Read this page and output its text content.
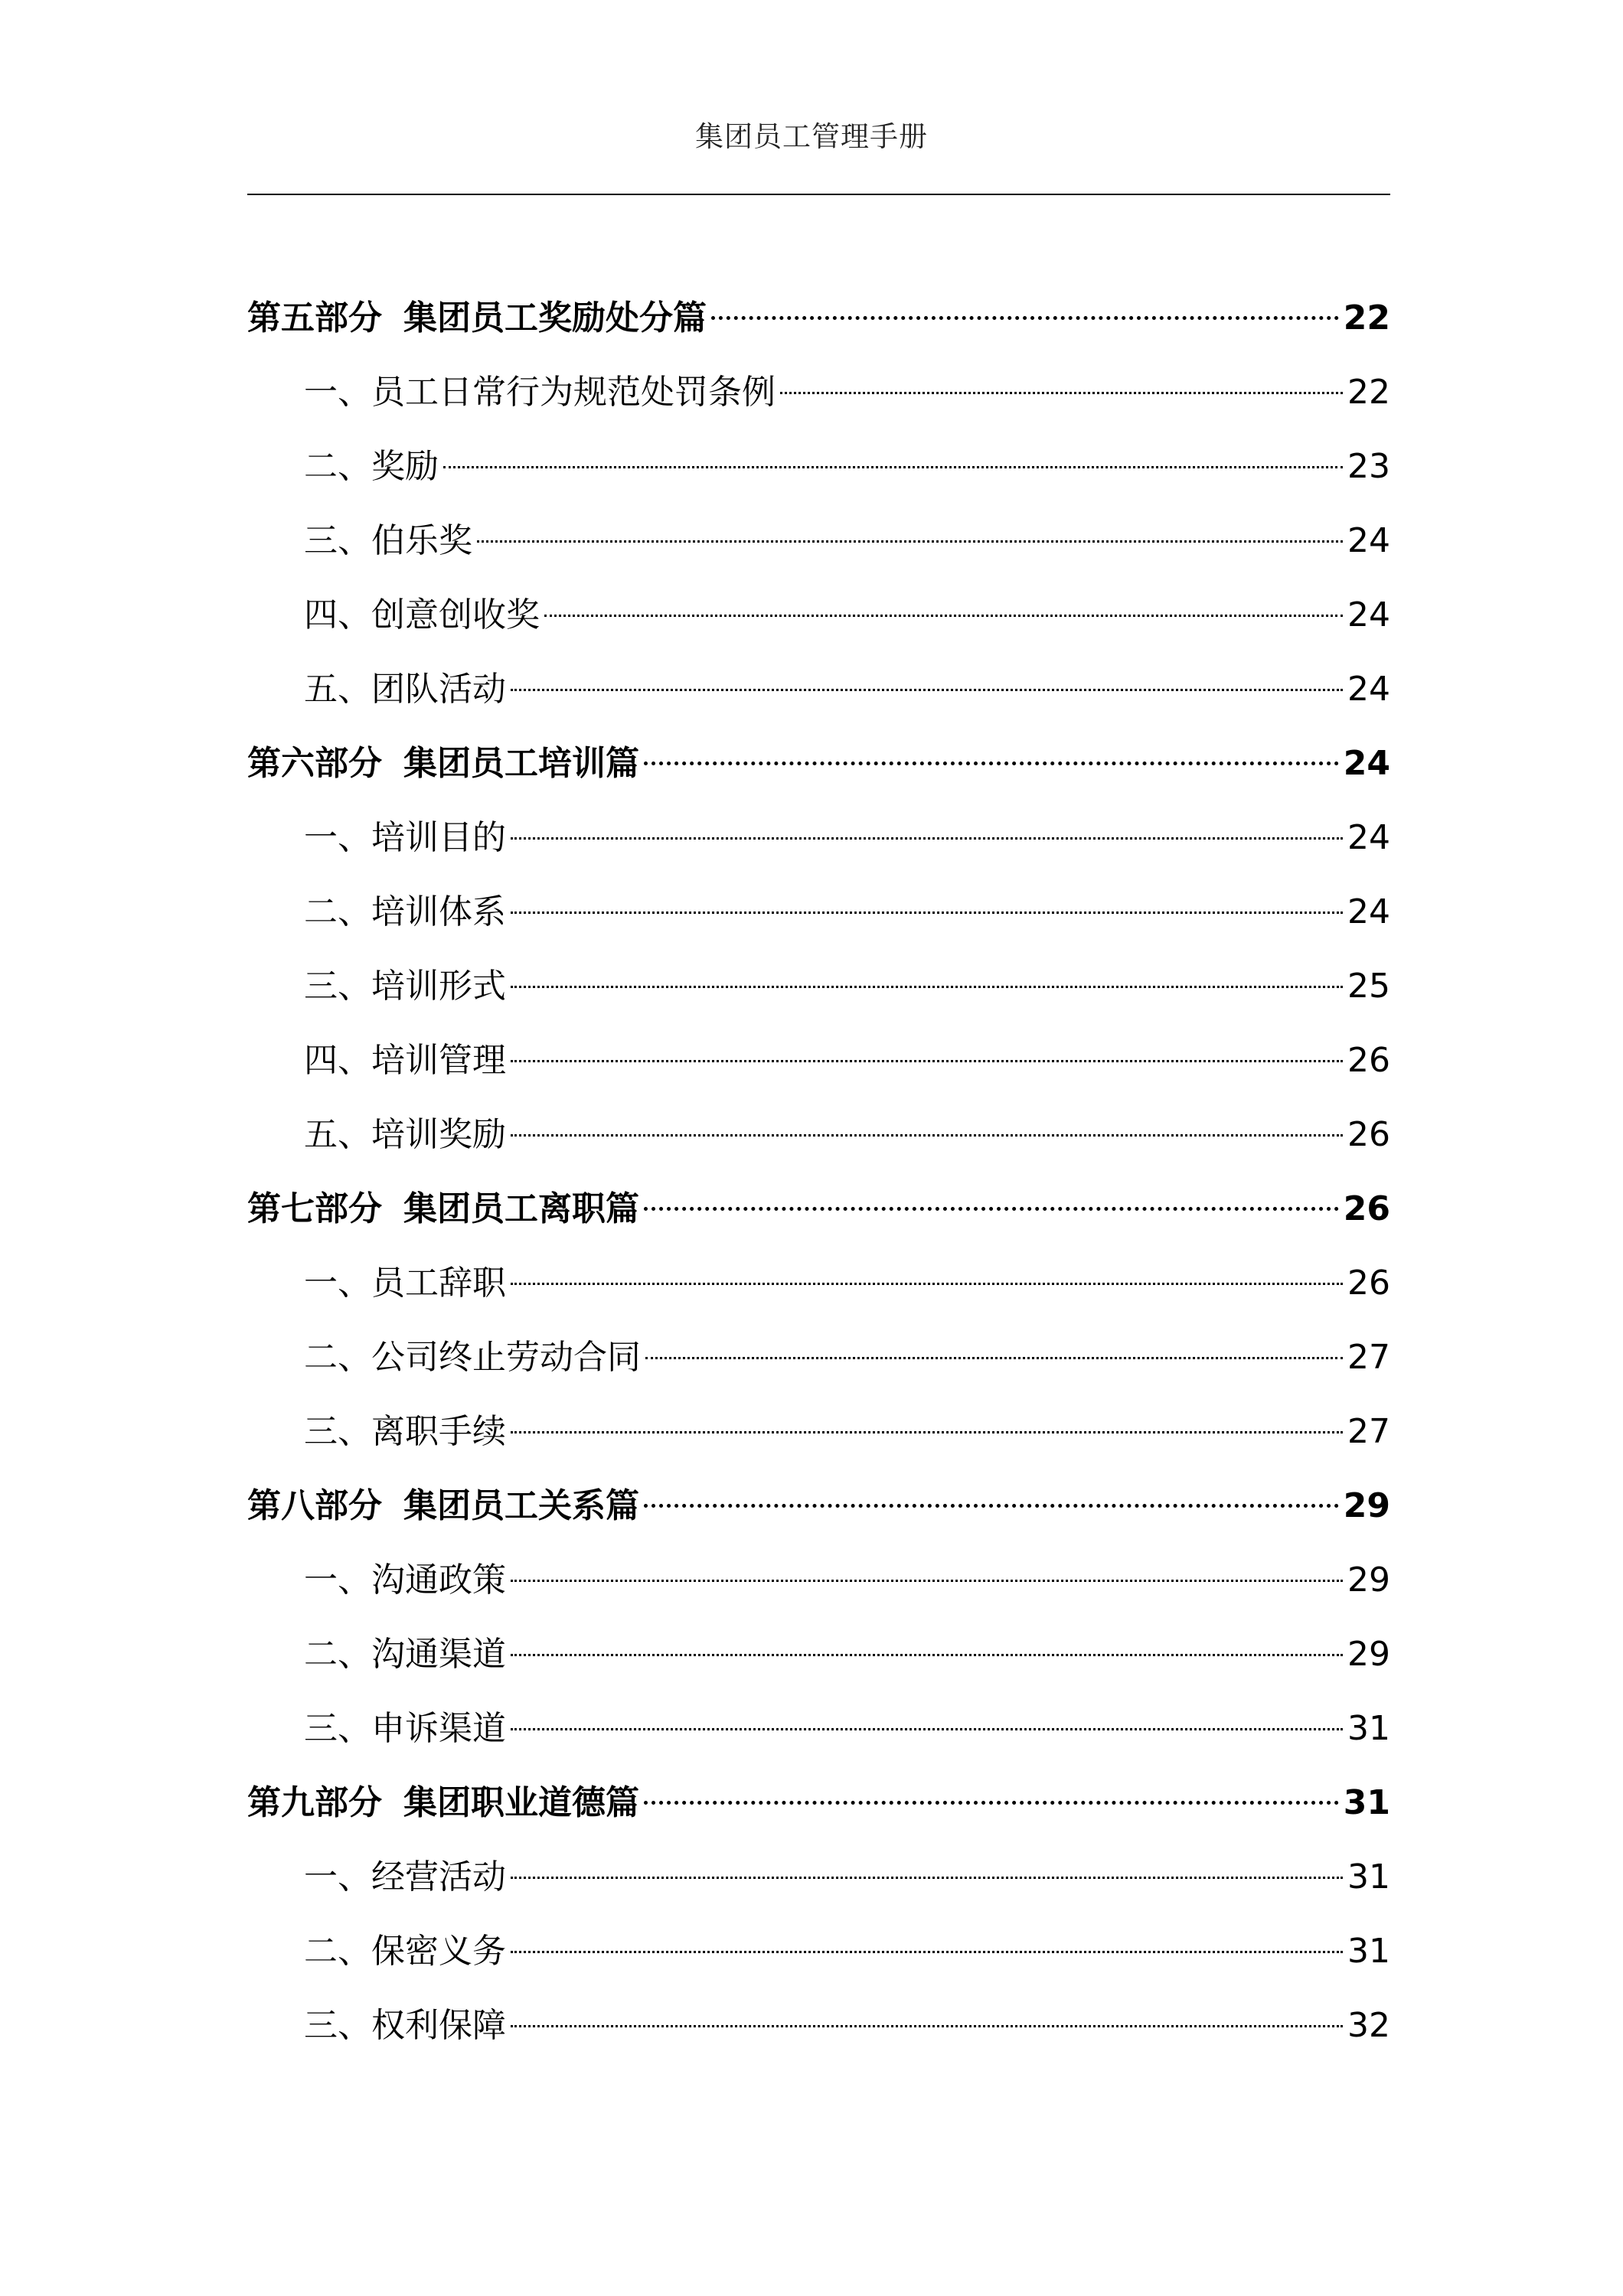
集团员工管理手册
第五部分 集团员工奖励处分篇	22
一、员工日常行为规范处罚条例	22
二、奖励	23
三、伯乐奖	24
四、创意创收奖	24
五、团队活动	24
第六部分 集团员工培训篇	24
一、培训目的	24
二、培训体系	24
三、培训形式	25
四、培训管理	26
五、培训奖励	26
第七部分 集团员工离职篇	26
一、员工辞职	26
二、公司终止劳动合同	27
三、离职手续	27
第八部分 集团员工关系篇	29
一、沟通政策	29
二、沟通渠道	29
三、申诉渠道	31
第九部分 集团职业道德篇	31
一、经营活动	31
二、保密义务	31
三、权利保障	32
